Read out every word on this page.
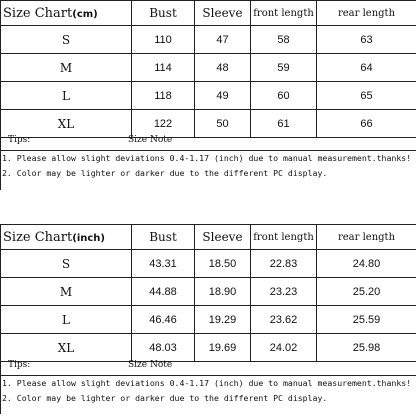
Size Chart(cm)	Bust	Sleeve	front length	rear length
S	110	47	58	63
M	114	48	59	64
L	118	49	60	65
XL	122	50	61	66
Tips:	Size Note
1. Please allow slight deviations 0.4-1.17 (inch) due to manual measurement.thanks!
2. Color may be lighter or darker due to the different PC display.
Size Chart(inch)	Bust	Sleeve	front length	rear length
S	43.31	18.50	22.83	24.80
M	44.88	18.90	23.23	25.20
L	46.46	19.29	23.62	25.59
XL	48.03	19.69	24.02	25.98
Tips:	Size Note
1. Please allow slight deviations 0.4-1.17 (inch) due to manual measurement.thanks!
2. Color may be lighter or darker due to the different PC display.
